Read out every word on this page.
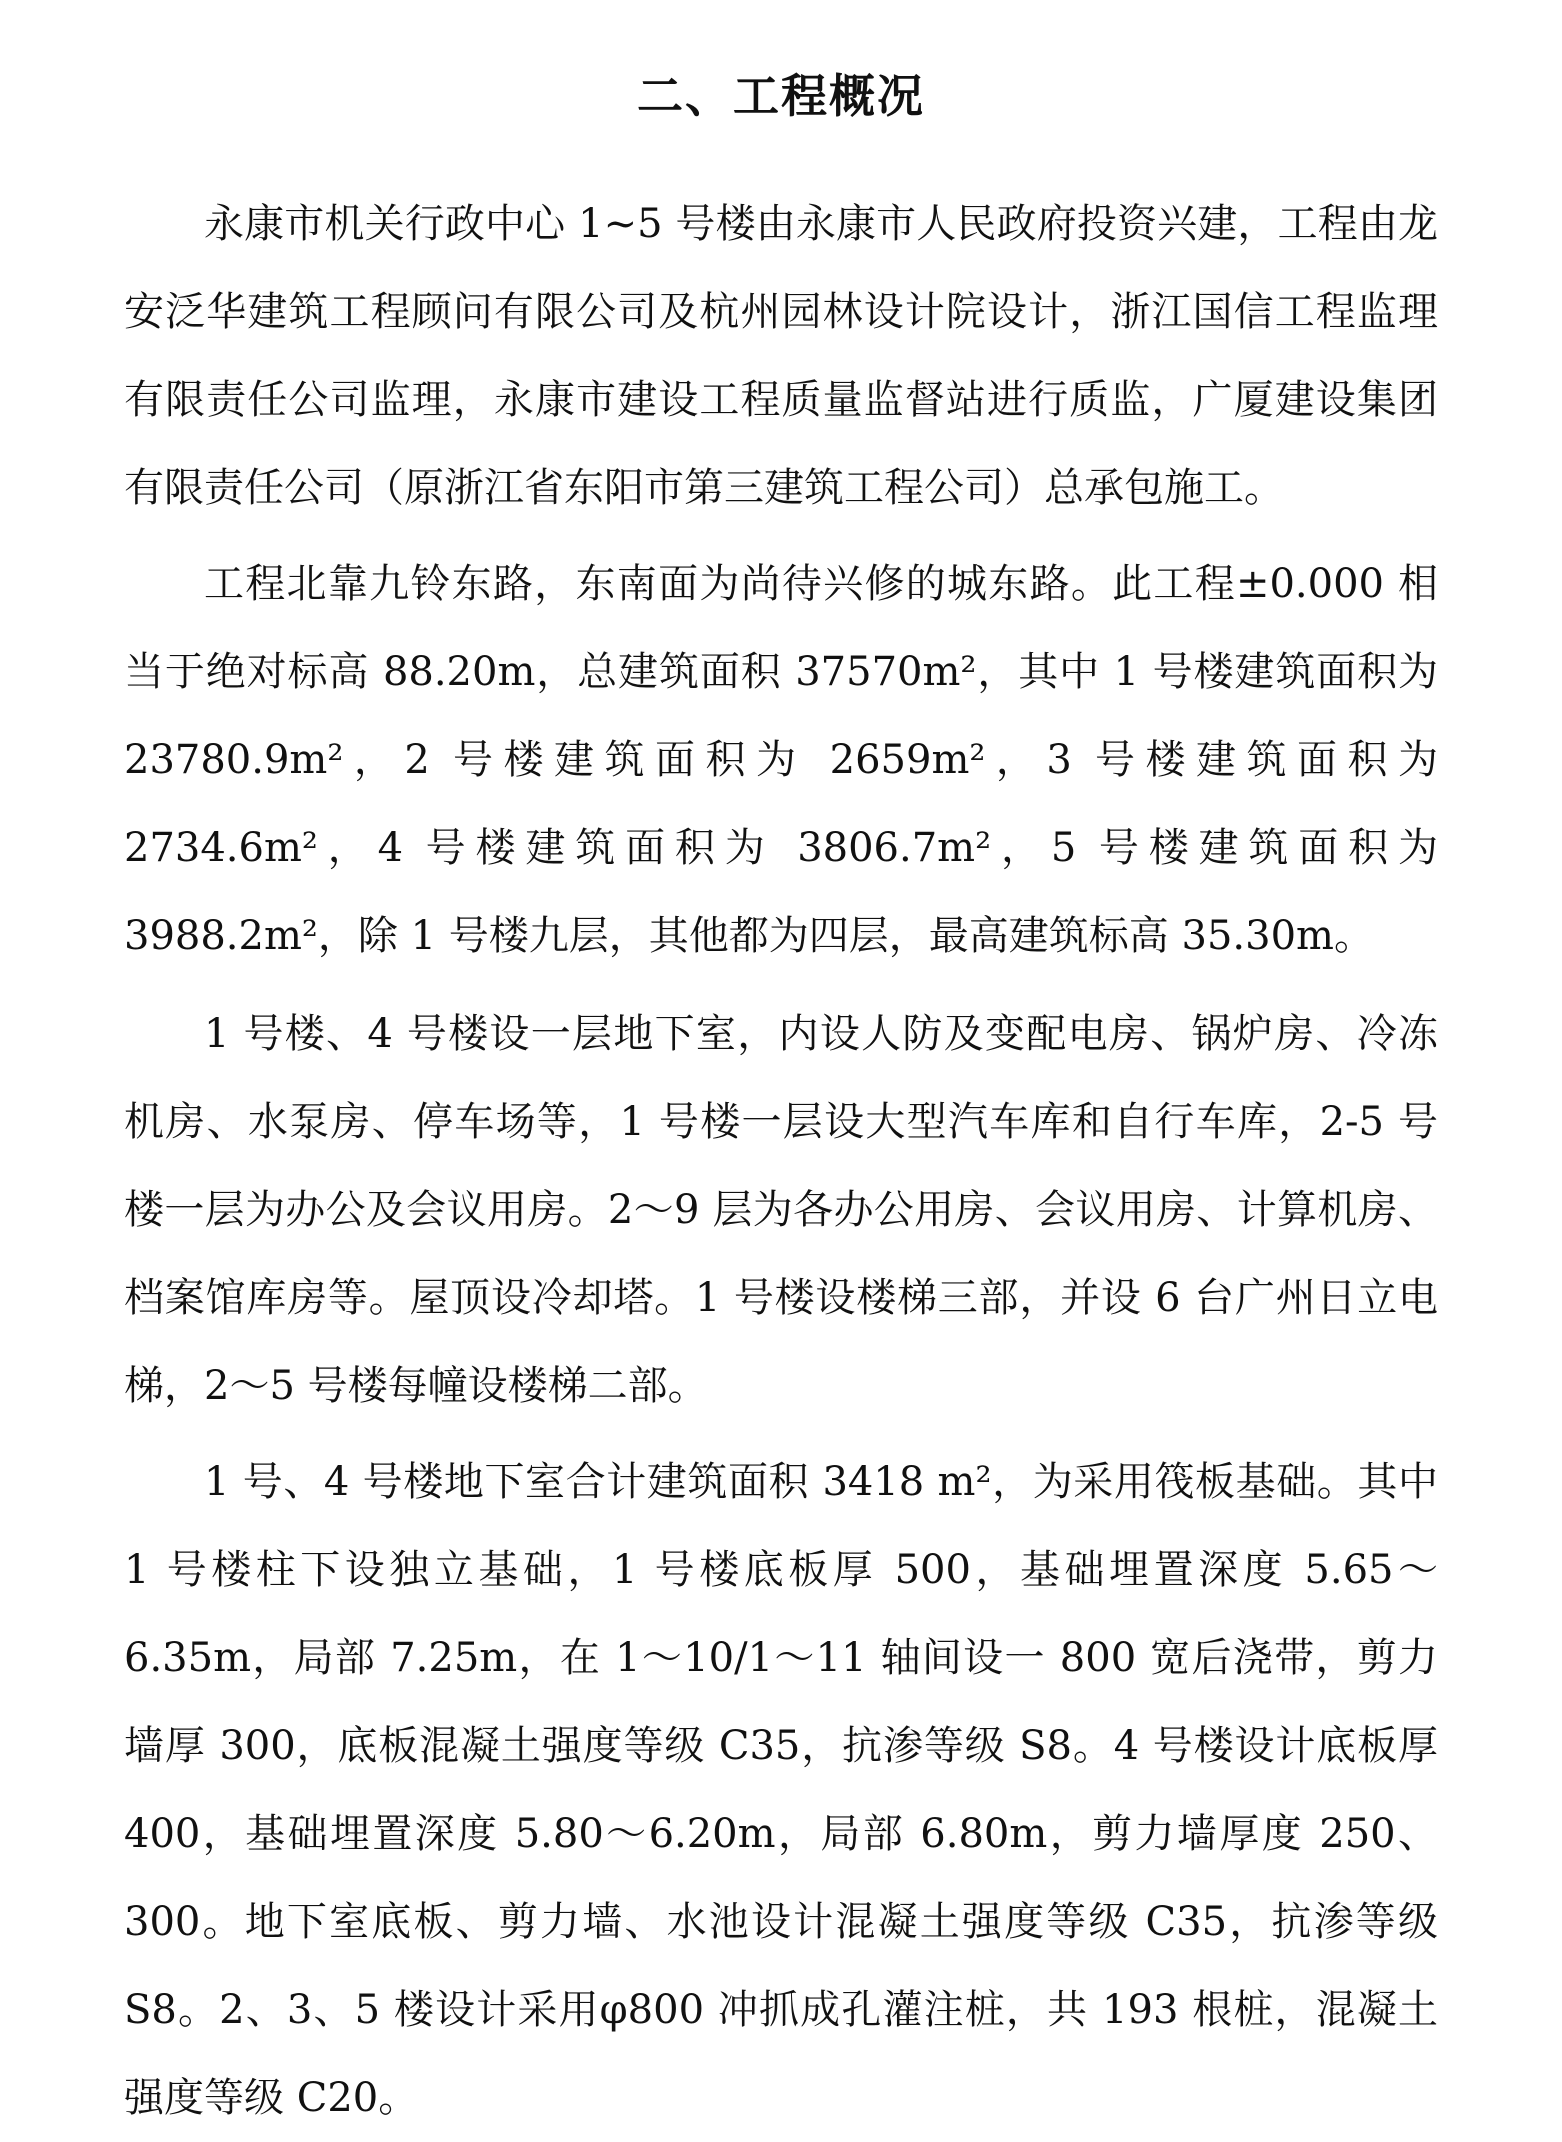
二、工程概况

永康市机关行政中心 1~5 号楼由永康市人民政府投资兴建，工程由龙安泛华建筑工程顾问有限公司及杭州园林设计院设计，浙江国信工程监理有限责任公司监理，永康市建设工程质量监督站进行质监，广厦建设集团有限责任公司（原浙江省东阳市第三建筑工程公司）总承包施工。

工程北靠九铃东路，东南面为尚待兴修的城东路。此工程±0.000 相当于绝对标高 88.20m，总建筑面积 37570m²，其中 1 号楼建筑面积为 23780.9m²，2 号楼建筑面积为 2659m²，3 号楼建筑面积为 2734.6m²，4 号楼建筑面积为 3806.7m²，5 号楼建筑面积为 3988.2m²，除 1 号楼九层，其他都为四层，最高建筑标高 35.30m。

1 号楼、4 号楼设一层地下室，内设人防及变配电房、锅炉房、冷冻机房、水泵房、停车场等，1 号楼一层设大型汽车库和自行车库，2-5 号楼一层为办公及会议用房。2～9 层为各办公用房、会议用房、计算机房、档案馆库房等。屋顶设冷却塔。1 号楼设楼梯三部，并设 6 台广州日立电梯，2～5 号楼每幢设楼梯二部。

1 号、4 号楼地下室合计建筑面积 3418 m²，为采用筏板基础。其中 1 号楼柱下设独立基础，1 号楼底板厚 500，基础埋置深度 5.65～6.35m，局部 7.25m，在 1～10/1～11 轴间设一 800 宽后浇带，剪力墙厚 300，底板混凝土强度等级 C35，抗渗等级 S8。4 号楼设计底板厚 400，基础埋置深度 5.80～6.20m，局部 6.80m，剪力墙厚度 250、300。地下室底板、剪力墙、水池设计混凝土强度等级 C35，抗渗等级 S8。2、3、5 楼设计采用φ800 冲抓成孔灌注桩，共 193 根桩，混凝土强度等级 C20。
